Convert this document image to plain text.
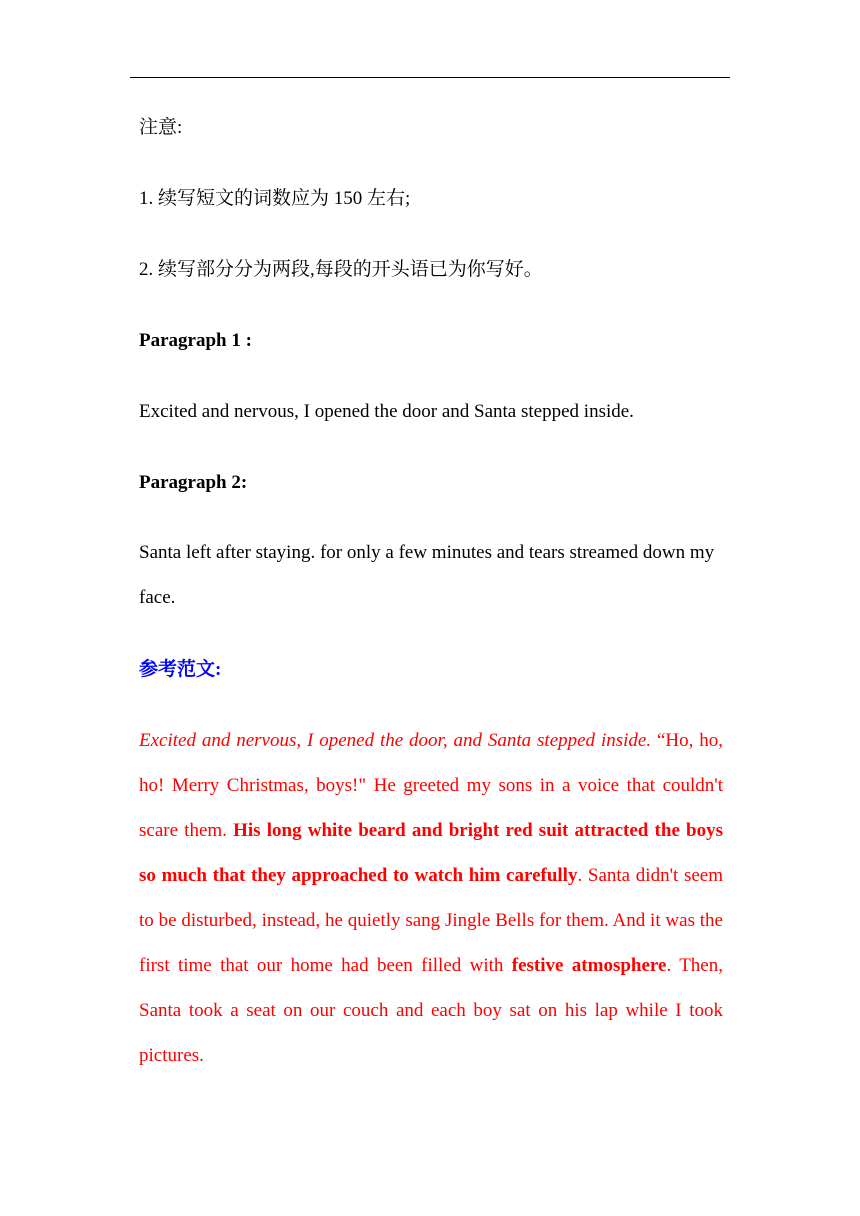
注意:
1. 续写短文的词数应为 150 左右;
2. 续写部分分为两段,每段的开头语已为你写好。
Paragraph 1 :
Excited and nervous, I opened the door and Santa stepped inside.
Paragraph 2:
Santa left after staying. for only a few minutes and tears streamed down my face.
参考范文:
Excited and nervous, I opened the door, and Santa stepped inside. “Ho, ho, ho! Merry Christmas, boys!" He greeted my sons in a voice that couldn't scare them. His long white beard and bright red suit attracted the boys so much that they approached to watch him carefully. Santa didn't seem to be disturbed, instead, he quietly sang Jingle Bells for them. And it was the first time that our home had been filled with festive atmosphere. Then, Santa took a seat on our couch and each boy sat on his lap while I took pictures.
